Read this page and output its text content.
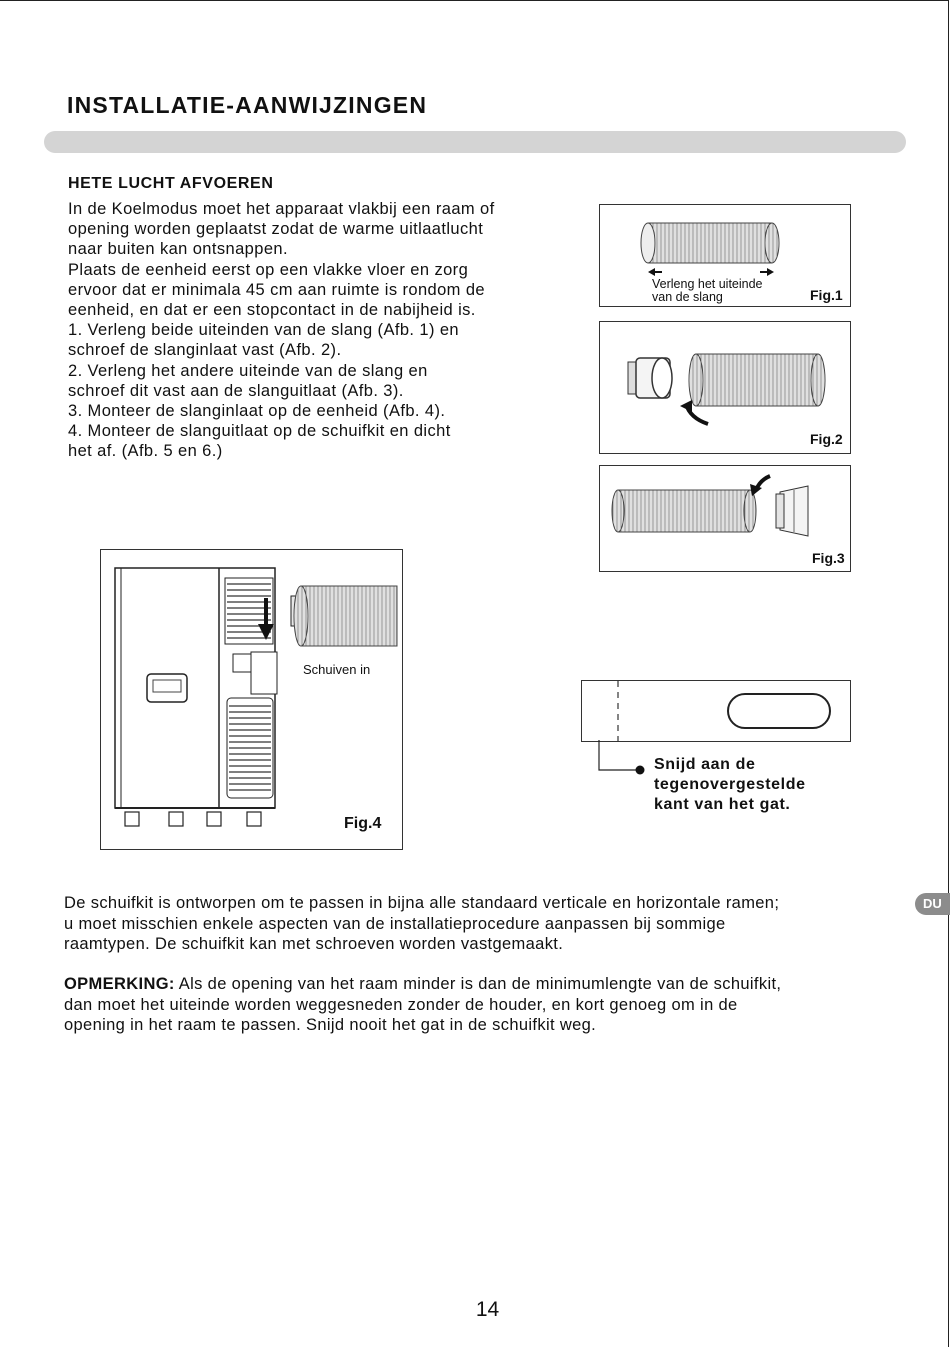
INSTALLATIE-AANWIJZINGEN
HETE LUCHT AFVOEREN
In de Koelmodus moet het apparaat vlakbij een raam of
opening worden geplaatst zodat de warme uitlaatlucht
naar buiten kan ontsnappen.
Plaats de eenheid eerst op een vlakke vloer en zorg
ervoor dat er minimala 45 cm aan ruimte is rondom de
eenheid, en dat er een stopcontact in de nabijheid is.
1. Verleng beide uiteinden van de slang (Afb. 1) en
schroef de slanginlaat vast (Afb. 2).
2. Verleng het andere uiteinde van de slang en
schroef dit vast aan de slanguitlaat (Afb. 3).
3. Monteer de slanginlaat op de eenheid (Afb. 4).
4. Monteer de slanguitlaat op de schuifkit en dicht
het af. (Afb. 5 en 6.)
Verleng het uiteinde
van de slang	Fig.1
Fig.2
Fig.3
Schuiven in
Fig.4
Snijd aan de
tegenovergestelde
kant van het gat.
De schuifkit is ontworpen om te passen in bijna alle standaard verticale en horizontale ramen;
u moet misschien enkele aspecten van de installatieprocedure aanpassen bij sommige
raamtypen. De schuifkit kan met schroeven worden vastgemaakt.
OPMERKING: Als de opening van het raam minder is dan de minimumlengte van de schuifkit,
dan moet het uiteinde worden weggesneden zonder de houder, en kort genoeg om in de
opening in het raam te passen. Snijd nooit het gat in de schuifkit weg.
DU
14
